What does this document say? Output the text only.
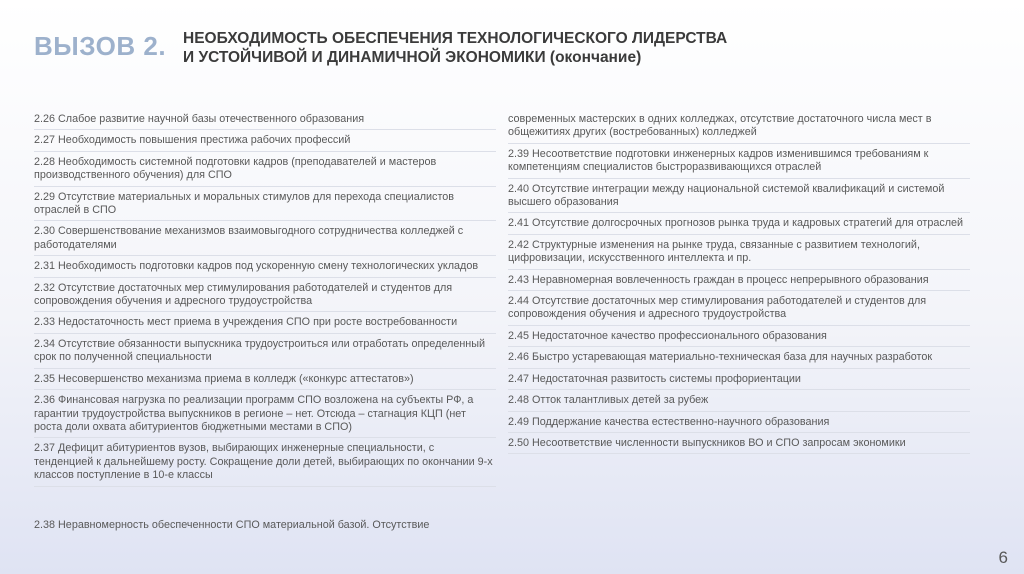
ВЫЗОВ 2. НЕОБХОДИМОСТЬ ОБЕСПЕЧЕНИЯ ТЕХНОЛОГИЧЕСКОГО ЛИДЕРСТВА
И УСТОЙЧИВОЙ И ДИНАМИЧНОЙ ЭКОНОМИКИ (окончание)
2.26 Слабое развитие научной базы отечественного образования
2.27 Необходимость повышения престижа рабочих профессий
2.28 Необходимость системной подготовки кадров (преподавателей и мастеров производственного обучения) для СПО
2.29 Отсутствие материальных и моральных стимулов для перехода специалистов отраслей в СПО
2.30 Совершенствование механизмов взаимовыгодного сотрудничества колледжей с работодателями
2.31 Необходимость подготовки кадров под ускоренную смену технологических укладов
2.32 Отсутствие достаточных мер стимулирования работодателей и студентов для сопровождения обучения и адресного трудоустройства
2.33 Недостаточность мест приема в учреждения СПО при росте востребованности
2.34 Отсутствие обязанности выпускника трудоустроиться или отработать определенный срок по полученной специальности
2.35 Несовершенство механизма приема в колледж («конкурс аттестатов»)
2.36 Финансовая нагрузка по реализации программ СПО возложена на субъекты РФ, а гарантии трудоустройства выпускников в регионе – нет. Отсюда – стагнация КЦП (нет роста доли охвата абитуриентов бюджетными местами в СПО)
2.37 Дефицит абитуриентов вузов, выбирающих инженерные специальности, с тенденцией к дальнейшему росту. Сокращение доли детей, выбирающих по окончании 9-х классов поступление в 10-е классы
2.38 Неравномерность обеспеченности СПО материальной базой. Отсутствие
современных мастерских в одних колледжах, отсутствие достаточного числа мест в общежитиях других (востребованных) колледжей
2.39 Несоответствие подготовки инженерных кадров изменившимся требованиям к компетенциям специалистов быстроразвивающихся отраслей
2.40 Отсутствие интеграции между национальной системой квалификаций и системой высшего образования
2.41 Отсутствие долгосрочных прогнозов рынка труда и кадровых стратегий для отраслей
2.42 Структурные изменения на рынке труда, связанные с развитием технологий, цифровизации, искусственного интеллекта и пр.
2.43 Неравномерная вовлеченность граждан в процесс непрерывного образования
2.44 Отсутствие достаточных мер стимулирования работодателей и студентов для сопровождения обучения и адресного трудоустройства
2.45 Недостаточное качество профессионального образования
2.46 Быстро устаревающая материально-техническая база для научных разработок
2.47 Недостаточная развитость системы профориентации
2.48 Отток талантливых детей за рубеж
2.49 Поддержание качества естественно-научного образования
2.50 Несоответствие численности выпускников ВО и СПО запросам экономики
6
